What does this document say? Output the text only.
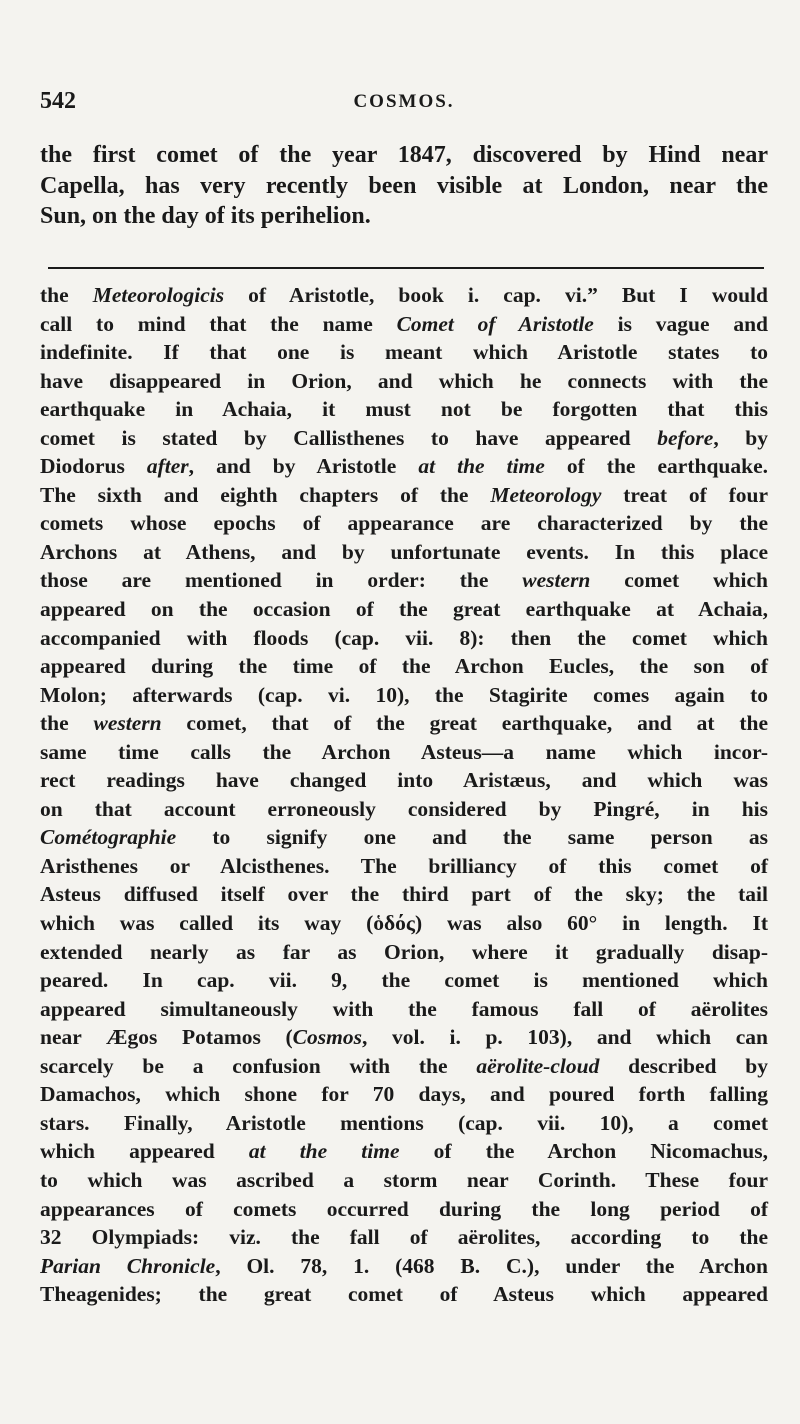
542	COSMOS.
the first comet of the year 1847, discovered by Hind near
Capella, has very recently been visible at London, near the
Sun, on the day of its perihelion.
the Meteorologicis of Aristotle, book i. cap. vi.” But I would
call to mind that the name Comet of Aristotle is vague and
indefinite. If that one is meant which Aristotle states to
have disappeared in Orion, and which he connects with the
earthquake in Achaia, it must not be forgotten that this
comet is stated by Callisthenes to have appeared before, by
Diodorus after, and by Aristotle at the time of the earthquake.
The sixth and eighth chapters of the Meteorology treat of four
comets whose epochs of appearance are characterized by the
Archons at Athens, and by unfortunate events. In this place
those are mentioned in order: the western comet which
appeared on the occasion of the great earthquake at Achaia,
accompanied with floods (cap. vii. 8): then the comet which
appeared during the time of the Archon Eucles, the son of
Molon; afterwards (cap. vi. 10), the Stagirite comes again to
the western comet, that of the great earthquake, and at the
same time calls the Archon Asteus—a name which incor-
rect readings have changed into Aristæus, and which was
on that account erroneously considered by Pingré, in his
Cométographie to signify one and the same person as
Aristhenes or Alcisthenes. The brilliancy of this comet of
Asteus diffused itself over the third part of the sky; the tail
which was called its way (ὁδός) was also 60° in length. It
extended nearly as far as Orion, where it gradually disap-
peared. In cap. vii. 9, the comet is mentioned which
appeared simultaneously with the famous fall of aërolites
near Ægos Potamos (Cosmos, vol. i. p. 103), and which can
scarcely be a confusion with the aërolite-cloud described by
Damachos, which shone for 70 days, and poured forth falling
stars. Finally, Aristotle mentions (cap. vii. 10), a comet
which appeared at the time of the Archon Nicomachus,
to which was ascribed a storm near Corinth. These four
appearances of comets occurred during the long period of
32 Olympiads: viz. the fall of aërolites, according to the
Parian Chronicle, Ol. 78, 1. (468 B. C.), under the Archon
Theagenides; the great comet of Asteus which appeared
